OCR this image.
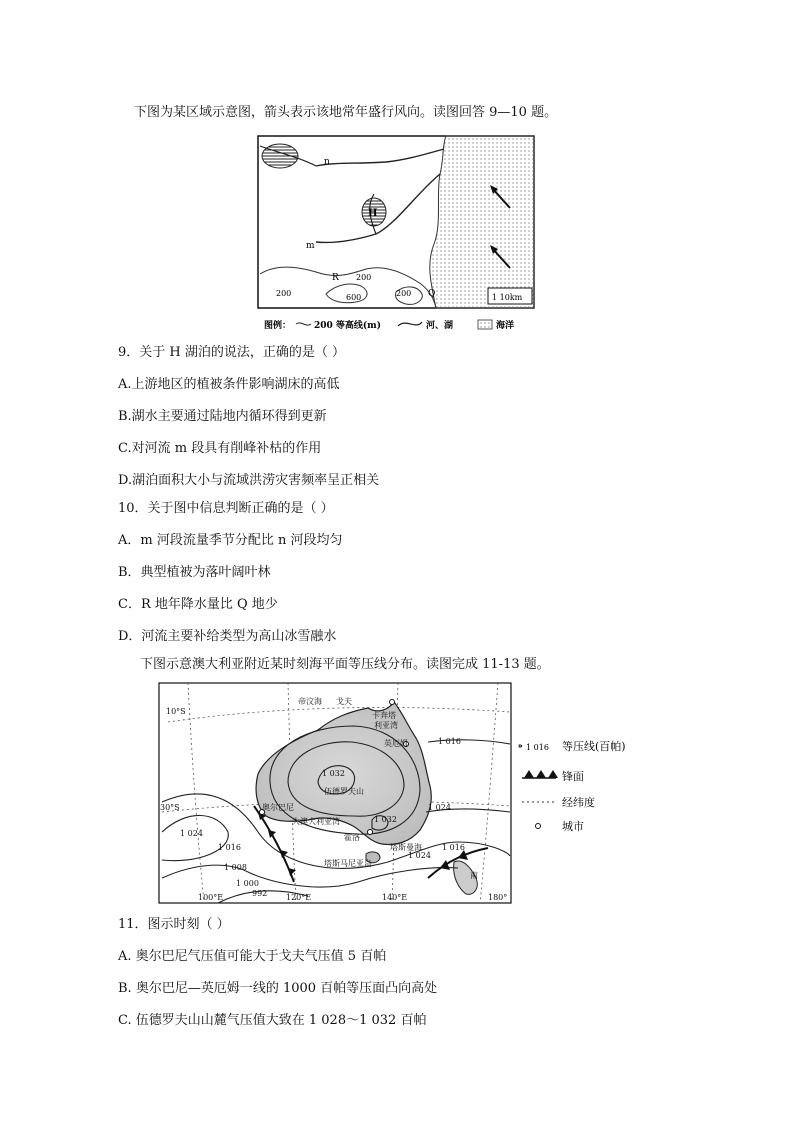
下图为某区域示意图，箭头表示该地常年盛行风向。读图回答 9—10 题。
n
H
m
R
Q
200
200	600	200	1 10km
图例：	200 等高线(m)	河、湖	海洋
9．关于 H 湖泊的说法，正确的是（ ）
A.上游地区的植被条件影响湖床的高低
B.湖水主要通过陆地内循环得到更新
C.对河流 m 段具有削峰补枯的作用
D.湖泊面积大小与流域洪涝灾害频率呈正相关
10．关于图中信息判断正确的是（ ）
A．m 河段流量季节分配比 n 河段均匀
B．典型植被为落叶阔叶林
C．R 地年降水量比 Q 地少
D．河流主要补给类型为高山冰雪融水
下图示意澳大利亚附近某时刻海平面等压线分布。读图完成 11-13 题。
10°S
30°S
100°E	120°E	140°E	180°
帝汶海 戈夫
卡奔塔
利亚湾
英厄姆
伍德罗夫山
奥尔巴尼
大澳大利亚湾
霍洛
塔斯曼海
塔斯马尼亚岛
南
1 032
1 032
1 016
1 016	1 016
1 024
1 024
1 024
1 008
1 000
992
1 016 等压线(百帕)
锋面
经纬度
城市
11．图示时刻（ ）
A. 奥尔巴尼气压值可能大于戈夫气压值 5 百帕
B. 奥尔巴尼—英厄姆一线的 1000 百帕等压面凸向高处
C. 伍德罗夫山山麓气压值大致在 1 028～1 032 百帕
